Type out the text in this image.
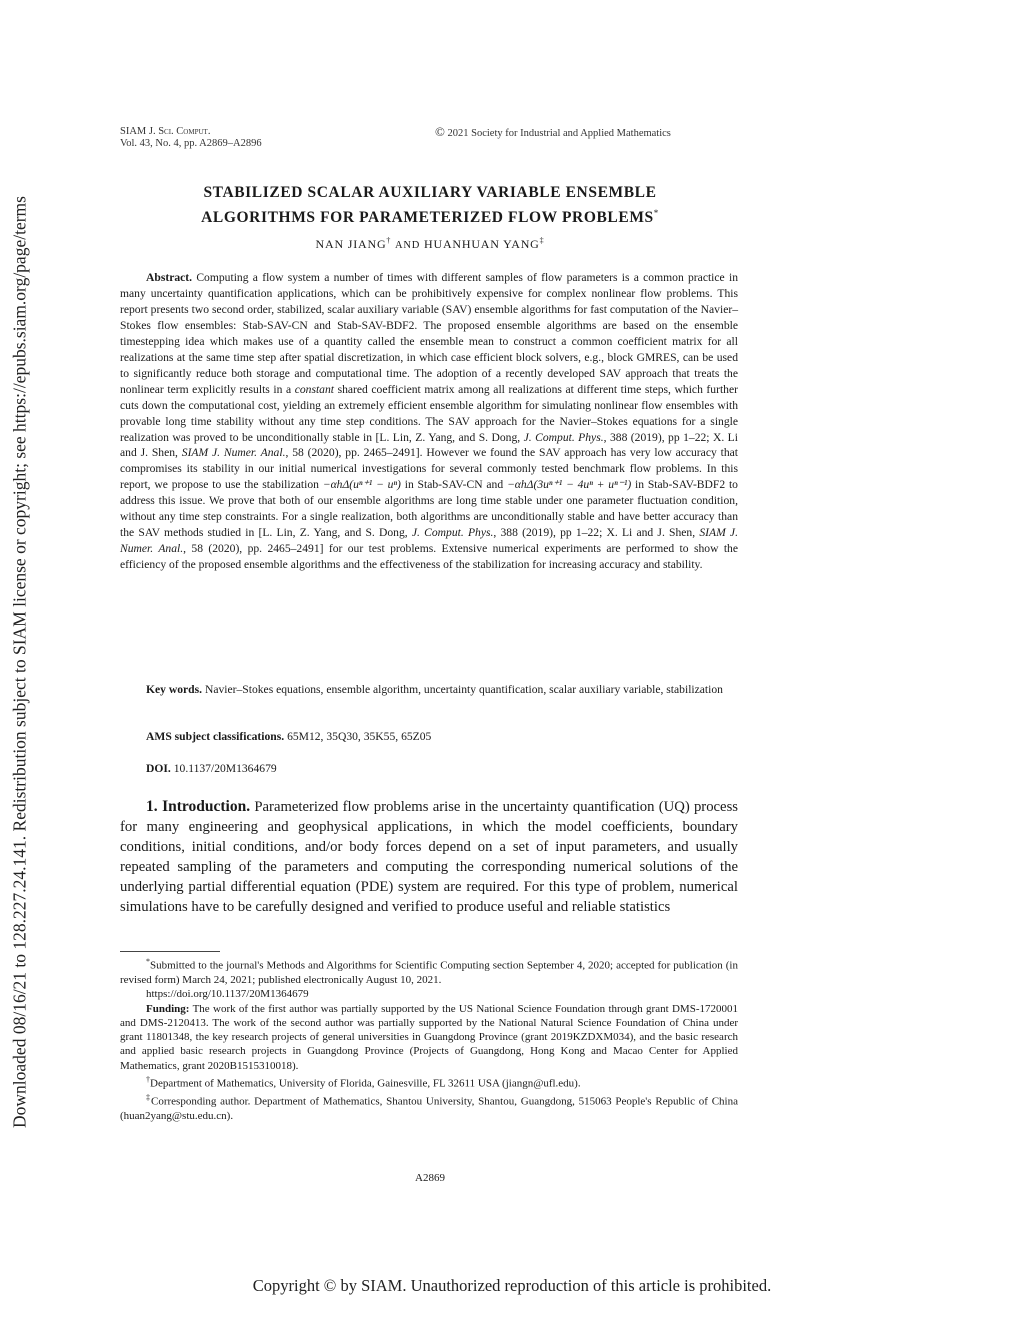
Downloaded 08/16/21 to 128.227.24.141. Redistribution subject to SIAM license or copyright; see https://epubs.siam.org/page/terms
SIAM J. Sci. Comput.
Vol. 43, No. 4, pp. A2869–A2896
© 2021 Society for Industrial and Applied Mathematics
STABILIZED SCALAR AUXILIARY VARIABLE ENSEMBLE
ALGORITHMS FOR PARAMETERIZED FLOW PROBLEMS*
NAN JIANG† AND HUANHUAN YANG‡
Abstract. Computing a flow system a number of times with different samples of flow parameters is a common practice in many uncertainty quantification applications, which can be prohibitively expensive for complex nonlinear flow problems. This report presents two second order, stabilized, scalar auxiliary variable (SAV) ensemble algorithms for fast computation of the Navier–Stokes flow ensembles: Stab-SAV-CN and Stab-SAV-BDF2. The proposed ensemble algorithms are based on the ensemble timestepping idea which makes use of a quantity called the ensemble mean to construct a common coefficient matrix for all realizations at the same time step after spatial discretization, in which case efficient block solvers, e.g., block GMRES, can be used to significantly reduce both storage and computational time. The adoption of a recently developed SAV approach that treats the nonlinear term explicitly results in a constant shared coefficient matrix among all realizations at different time steps, which further cuts down the computational cost, yielding an extremely efficient ensemble algorithm for simulating nonlinear flow ensembles with provable long time stability without any time step conditions. The SAV approach for the Navier–Stokes equations for a single realization was proved to be unconditionally stable in [L. Lin, Z. Yang, and S. Dong, J. Comput. Phys., 388 (2019), pp 1–22; X. Li and J. Shen, SIAM J. Numer. Anal., 58 (2020), pp. 2465–2491]. However we found the SAV approach has very low accuracy that compromises its stability in our initial numerical investigations for several commonly tested benchmark flow problems. In this report, we propose to use the stabilization −αhΔ(uⁿ⁺¹ − uⁿ) in Stab-SAV-CN and −αhΔ(3uⁿ⁺¹ − 4uⁿ + uⁿ⁻¹) in Stab-SAV-BDF2 to address this issue. We prove that both of our ensemble algorithms are long time stable under one parameter fluctuation condition, without any time step constraints. For a single realization, both algorithms are unconditionally stable and have better accuracy than the SAV methods studied in [L. Lin, Z. Yang, and S. Dong, J. Comput. Phys., 388 (2019), pp 1–22; X. Li and J. Shen, SIAM J. Numer. Anal., 58 (2020), pp. 2465–2491] for our test problems. Extensive numerical experiments are performed to show the efficiency of the proposed ensemble algorithms and the effectiveness of the stabilization for increasing accuracy and stability.
Key words. Navier–Stokes equations, ensemble algorithm, uncertainty quantification, scalar auxiliary variable, stabilization
AMS subject classifications. 65M12, 35Q30, 35K55, 65Z05
DOI. 10.1137/20M1364679
1. Introduction. Parameterized flow problems arise in the uncertainty quantification (UQ) process for many engineering and geophysical applications, in which the model coefficients, boundary conditions, initial conditions, and/or body forces depend on a set of input parameters, and usually repeated sampling of the parameters and computing the corresponding numerical solutions of the underlying partial differential equation (PDE) system are required. For this type of problem, numerical simulations have to be carefully designed and verified to produce useful and reliable statistics

*Submitted to the journal's Methods and Algorithms for Scientific Computing section September 4, 2020; accepted for publication (in revised form) March 24, 2021; published electronically August 10, 2021.

https://doi.org/10.1137/20M1364679

Funding: The work of the first author was partially supported by the US National Science Foundation through grant DMS-1720001 and DMS-2120413. The work of the second author was partially supported by the National Natural Science Foundation of China under grant 11801348, the key research projects of general universities in Guangdong Province (grant 2019KZDXM034), and the basic research and applied basic research projects in Guangdong Province (Projects of Guangdong, Hong Kong and Macao Center for Applied Mathematics, grant 2020B1515310018).

†Department of Mathematics, University of Florida, Gainesville, FL 32611 USA (jiangn@ufl.edu).

‡Corresponding author. Department of Mathematics, Shantou University, Shantou, Guangdong, 515063 People's Republic of China (huan2yang@stu.edu.cn).

A2869
Copyright © by SIAM. Unauthorized reproduction of this article is prohibited.
